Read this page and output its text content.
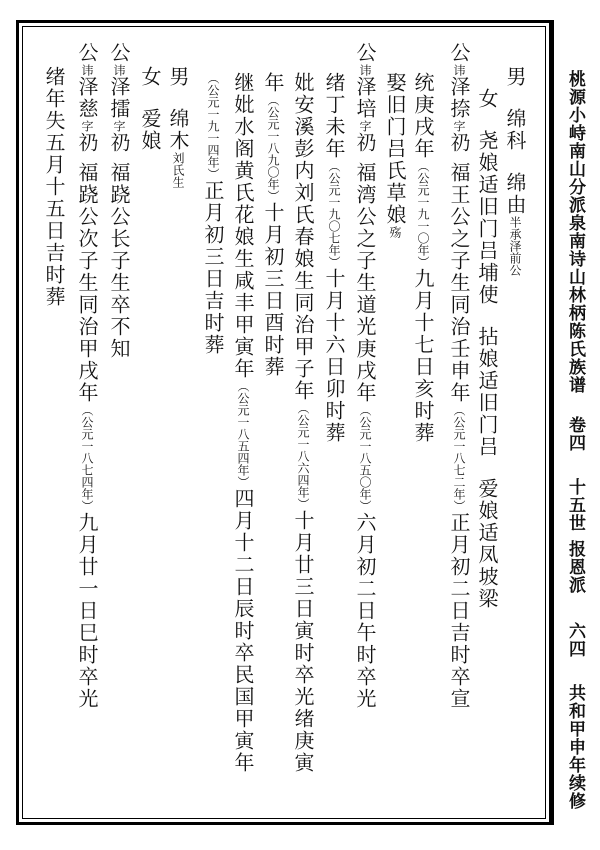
桃源小峙南山分派泉南诗山林柄陈氏族谱卷四十五世报恩派六四共和甲申年续修
男绵科绵由半承泽前公
女尧娘适旧门吕埔使拈娘适旧门吕爱娘适凤坡梁
公讳泽捺字礽福王公之子生同治壬申年（公元一八七二年）正月初二日吉时卒宣
统庚戌年（公元一九一〇年）九月十七日亥时葬
娶旧门吕氏草娘殇
公讳泽培字礽福湾公之子生道光庚戌年（公元一八五〇年）六月初二日午时卒光
绪丁未年（公元一九〇七年）十月十六日卯时葬
妣安溪彭内刘氏春娘生同治甲子年（公元一八六四年）十月廿三日寅时卒光绪庚寅
年（公元一八九〇年）十月初三日酉时葬
继妣水阁黄氏花娘生咸丰甲寅年（公元一八五四年）四月十二日辰时卒民国甲寅年
（公元一九一四年）正月初三日吉时葬
男绵木刘氏生
女爱娘
公讳泽擂字礽福跷公长子生卒不知
公讳泽慈字礽福跷公次子生同治甲戌年（公元一八七四年）九月廿一日巳时卒光
绪年失五月十五日吉时葬
